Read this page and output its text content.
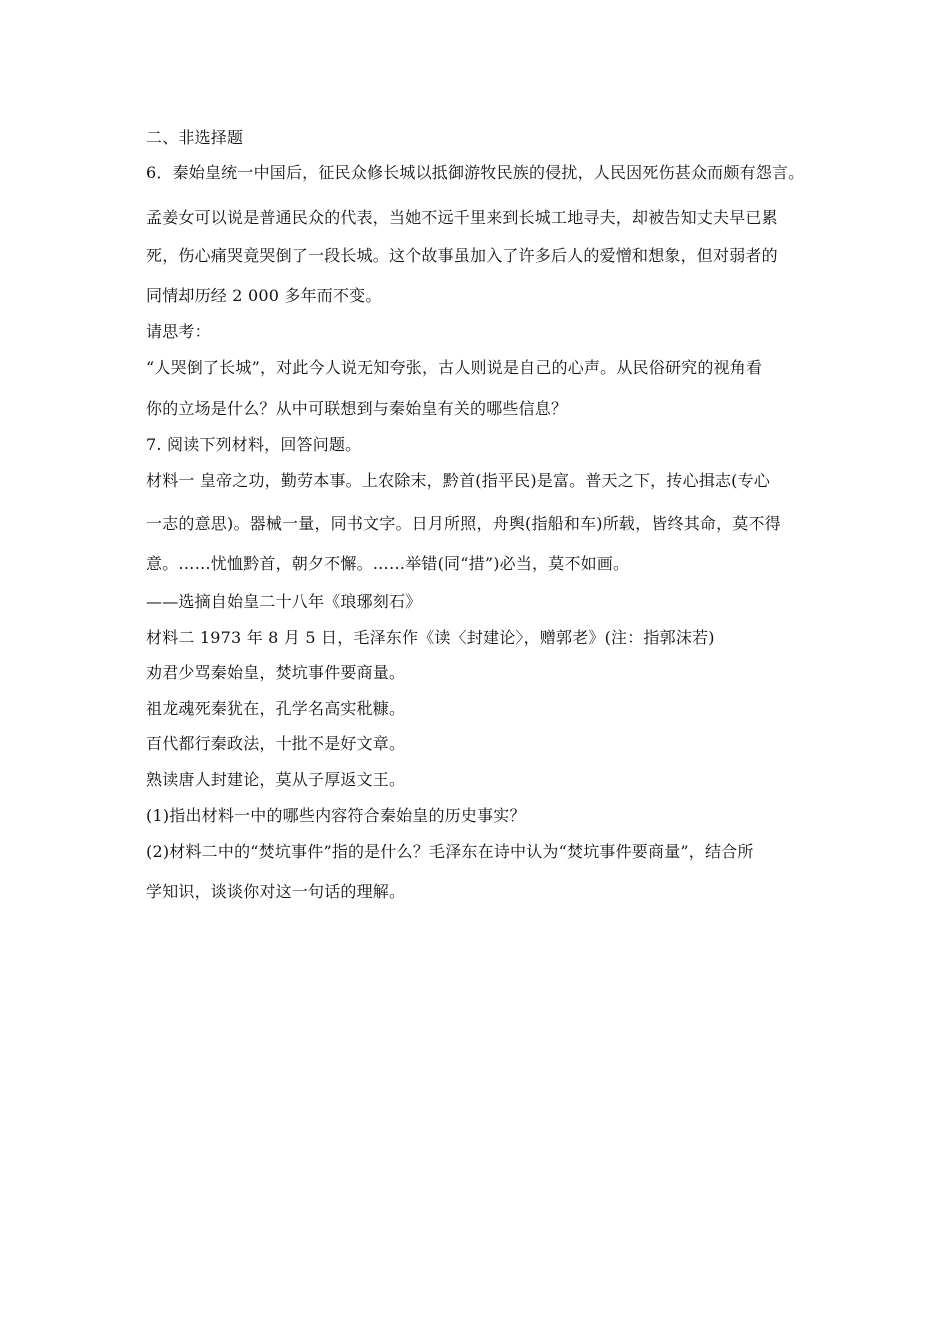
二、非选择题
6．秦始皇统一中国后，征民众修长城以抵御游牧民族的侵扰，人民因死伤甚众而颇有怨言。
孟姜女可以说是普通民众的代表，当她不远千里来到长城工地寻夫，却被告知丈夫早已累
死，伤心痛哭竟哭倒了一段长城。这个故事虽加入了许多后人的爱憎和想象，但对弱者的
同情却历经 2 000 多年而不变。
请思考：
“人哭倒了长城”，对此今人说无知夸张，古人则说是自己的心声。从民俗研究的视角看
你的立场是什么？从中可联想到与秦始皇有关的哪些信息？
7. 阅读下列材料，回答问题。
材料一 皇帝之功，勤劳本事。上农除末，黔首(指平民)是富。普天之下，抟心揖志(专心
一志的意思)。器械一量，同书文字。日月所照，舟舆(指船和车)所载，皆终其命，莫不得
意。……忧恤黔首，朝夕不懈。……举错(同“措”)必当，莫不如画。
——选摘自始皇二十八年《琅琊刻石》
材料二 1973 年 8 月 5 日，毛泽东作《读〈封建论〉，赠郭老》(注：指郭沫若)
劝君少骂秦始皇，焚坑事件要商量。
祖龙魂死秦犹在，孔学名高实秕糠。
百代都行秦政法，十批不是好文章。
熟读唐人封建论，莫从子厚返文王。
(1)指出材料一中的哪些内容符合秦始皇的历史事实？
(2)材料二中的“焚坑事件”指的是什么？毛泽东在诗中认为“焚坑事件要商量”，结合所
学知识，谈谈你对这一句话的理解。
